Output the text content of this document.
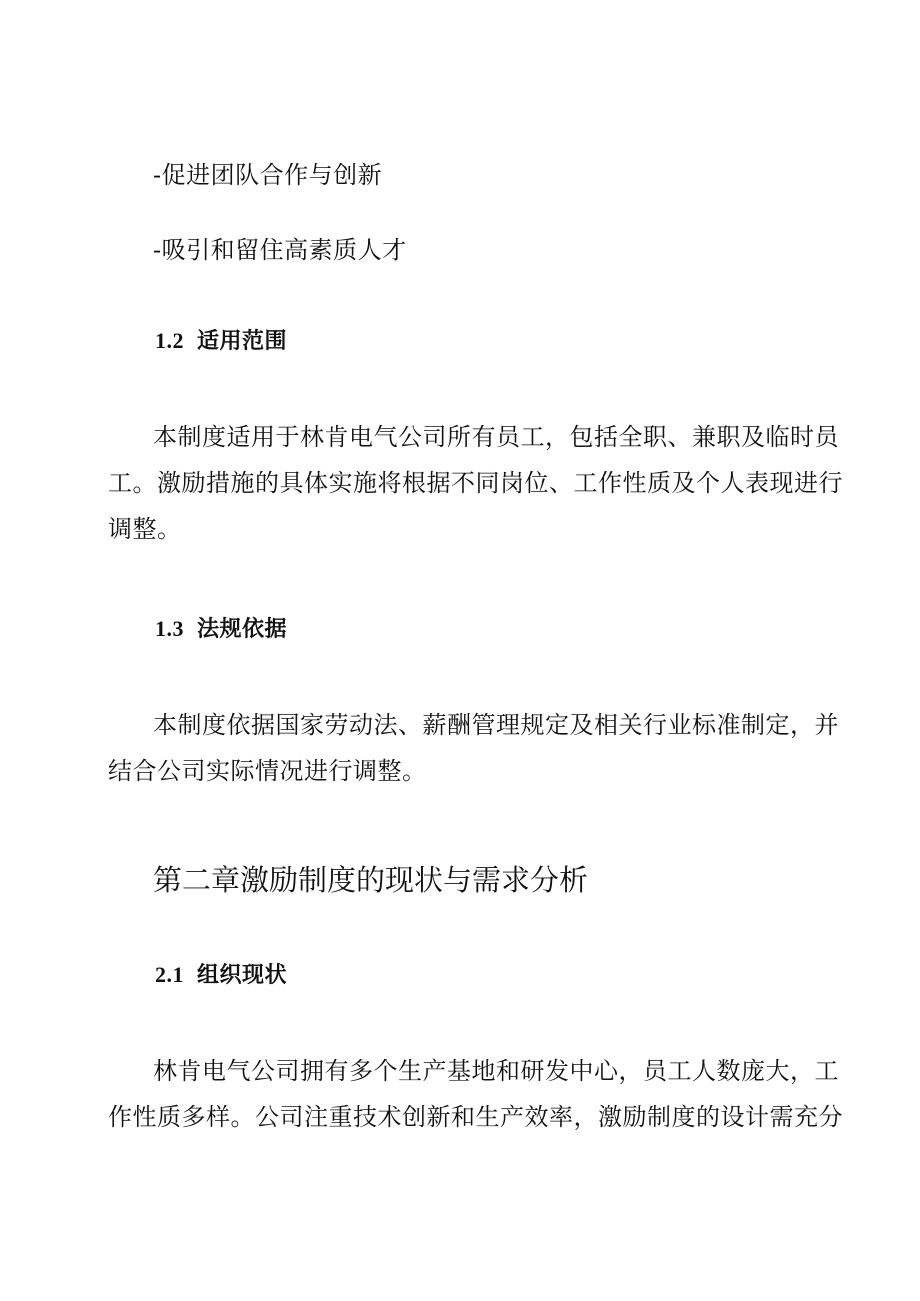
-促进团队合作与创新
-吸引和留住高素质人才
1.2 适用范围
本制度适用于林肯电气公司所有员工，包括全职、兼职及临时员
工。激励措施的具体实施将根据不同岗位、工作性质及个人表现进行
调整。
1.3 法规依据
本制度依据国家劳动法、薪酬管理规定及相关行业标准制定，并
结合公司实际情况进行调整。
第二章激励制度的现状与需求分析
2.1 组织现状
林肯电气公司拥有多个生产基地和研发中心，员工人数庞大，工
作性质多样。公司注重技术创新和生产效率，激励制度的设计需充分
